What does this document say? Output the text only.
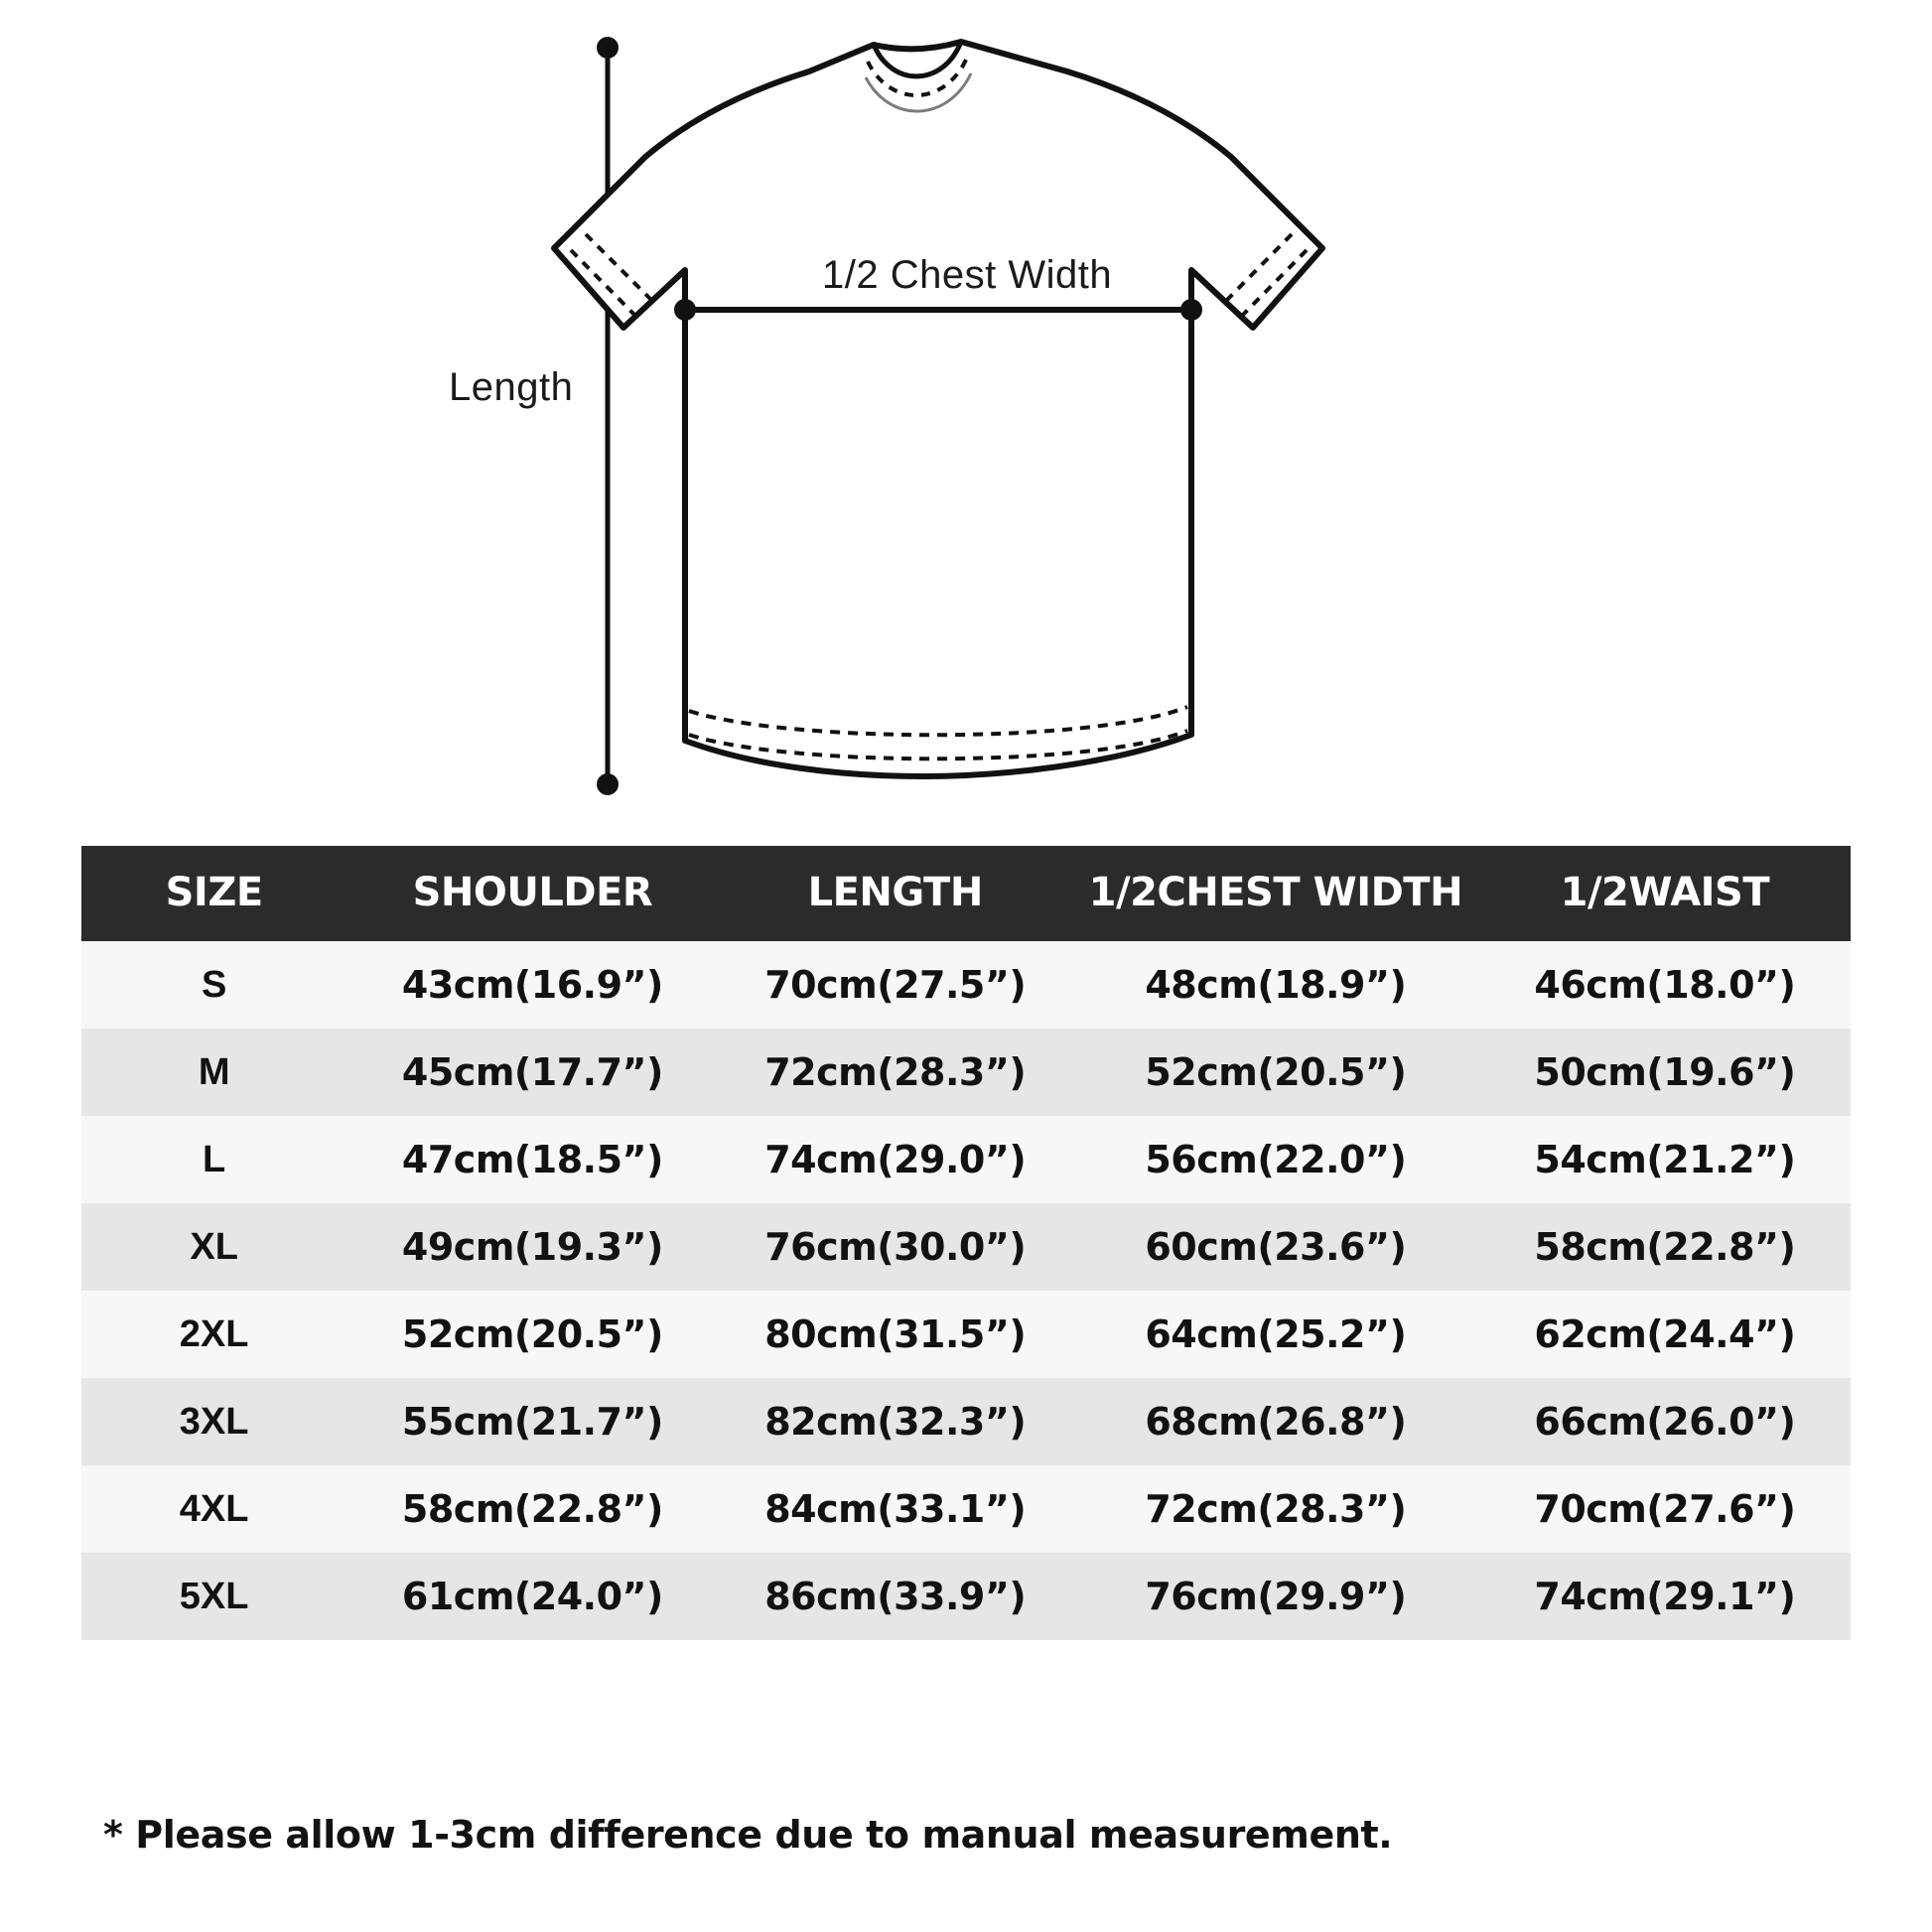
Length
1/2 Chest Width
SIZE	SHOULDER	LENGTH	1/2CHEST WIDTH	1/2WAIST
S	43cm(16.9”)	70cm(27.5”)	48cm(18.9”)	46cm(18.0”)
M	45cm(17.7”)	72cm(28.3”)	52cm(20.5”)	50cm(19.6”)
L	47cm(18.5”)	74cm(29.0”)	56cm(22.0”)	54cm(21.2”)
XL	49cm(19.3”)	76cm(30.0”)	60cm(23.6”)	58cm(22.8”)
2XL	52cm(20.5”)	80cm(31.5”)	64cm(25.2”)	62cm(24.4”)
3XL	55cm(21.7”)	82cm(32.3”)	68cm(26.8”)	66cm(26.0”)
4XL	58cm(22.8”)	84cm(33.1”)	72cm(28.3”)	70cm(27.6”)
5XL	61cm(24.0”)	86cm(33.9”)	76cm(29.9”)	74cm(29.1”)
* Please allow 1-3cm difference due to manual measurement.
